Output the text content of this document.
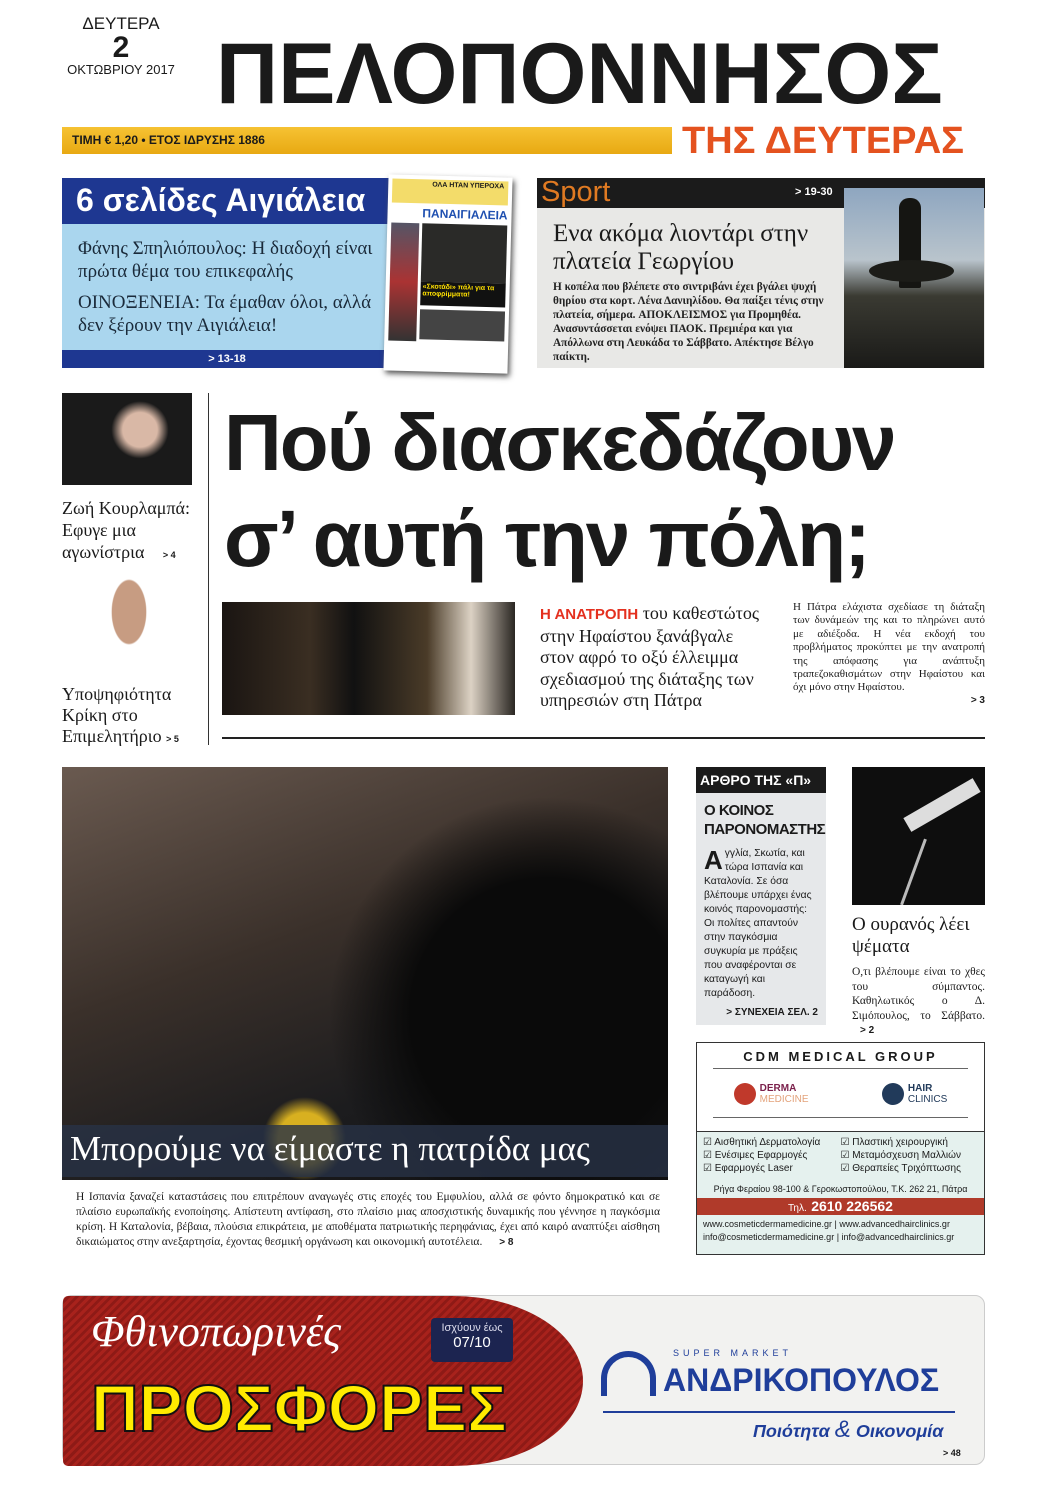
ΔΕΥΤΕΡΑ
2
ΟΚΤΩΒΡΙΟΥ 2017 ΠΕΛΟΠΟΝΝΗΣΟΣ
ΤΙΜΗ € 1,20 • ΕΤΟΣ ΙΔΡΥΣΗΣ 1886	ΤΗΣ ΔΕΥΤΕΡΑΣ
6 σελίδες Αιγιάλεια
Φάνης Σπηλιόπουλος: Η διαδοχή είναι πρώτα θέμα του επικεφαλής
ΟΙΝΟΞΕΝΕΙΑ: Τα έμαθαν όλοι, αλλά δεν ξέρουν την Αιγιάλεια!
> 13-18
ΟΛΑ ΗΤΑΝ ΥΠΕΡΟΧΑ
ΠΑΝΑΙΓΙΑΛΕΙΑ
«Σκοτάδι» πάλι για τα αποφρίμματα!
Sport	> 19-30
Ενα ακόμα λιοντάρι στην πλατεία Γεωργίου
Η κοπέλα που βλέπετε στο σιντριβάνι έχει βγάλει ψυχή θηρίου στα κορτ. Λένα Δανιηλίδου. Θα παίξει τένις στην πλατεία, σήμερα. ΑΠΟΚΛΕΙΣΜΟΣ για Προμηθέα. Ανασυντάσσεται ενόψει ΠΑΟΚ. Πρεμιέρα και για Απόλλωνα στη Λευκάδα το Σάββατο. Απέκτησε Βέλγο παίκτη.
Ζωή Κουρλαμπά: Εφυγε μια αγωνίστρια > 4
Υποψηφιότητα Κρίκη στο Επιμελητήριο > 5
Πού διασκεδάζουν
σ’ αυτή την πόλη;
Η ΑΝΑΤΡΟΠΗ του καθεστώτος στην Ηφαίστου ξανάβγαλε στον αφρό το οξύ έλλειμμα σχεδιασμού της διάταξης των υπηρεσιών στη Πάτρα
Η Πάτρα ελάχιστα σχεδίασε τη διάταξη των δυνάμεών της και το πληρώνει αυτό με αδιέξοδα. Η νέα εκδοχή του προβλήματος προκύπτει με την ανατροπή της απόφασης για ανάπτυξη τραπεζοκαθισμάτων στην Ηφαίστου και όχι μόνο στην Ηφαίστου.
> 3
Μπορούμε να είμαστε η πατρίδα μας
Η Ισπανία ξαναζεί καταστάσεις που επιτρέπουν αναγωγές στις εποχές του Εμφυλίου, αλλά σε φόντο δημοκρατικό και σε πλαίσιο ευρωπαϊκής ενοποίησης. Απίστευτη αντίφαση, στο πλαίσιο μιας αποσχιστικής δυναμικής που γέννησε η παγκόσμια κρίση. Η Καταλονία, βέβαια, πλούσια επικράτεια, με αποθέματα πατριωτικής περηφάνιας, έχει από καιρό αναπτύξει αίσθηση δικαιώματος στην ανεξαρτησία, έχοντας θεσμική οργάνωση και οικονομική αυτοτέλεια. > 8
ΑΡΘΡΟ ΤΗΣ «Π»
Ο ΚΟΙΝΟΣ ΠΑΡΟΝΟΜΑΣΤΗΣ
Α γγλία, Σκωτία, και τώρα Ισπανία και Καταλονία. Σε όσα βλέπουμε υπάρχει ένας κοινός παρονομαστής: Οι πολίτες απαντούν στην παγκόσμια συγκυρία με πράξεις που αναφέρονται σε καταγωγή και παράδοση.
> ΣΥΝΕΧΕΙΑ ΣΕΛ. 2
Ο ουρανός λέει ψέματα
Ο,τι βλέπουμε είναι το χθες του σύμπαντος. Καθηλωτικός ο Δ. Σιμόπουλος, το Σάββατο. > 2
CDM MEDICAL GROUP
DERMA
MEDICINE
HAIR
CLINICS
☑ Αισθητική Δερματολογία	☑ Πλαστική χειρουργική
☑ Ενέσιμες Εφαρμογές	☑ Μεταμόσχευση Μαλλιών
☑ Εφαρμογές Laser	☑ Θεραπείες Τριχόπτωσης
Ρήγα Φεραίου 98-100 & Γεροκωστοπούλου, Τ.Κ. 262 21, Πάτρα
Τηλ. 2610 226562
www.cosmeticdermamedicine.gr | www.advancedhairclinics.gr
info@cosmeticdermamedicine.gr | info@advancedhairclinics.gr
Φθινοπωρινές
ΠΡΟΣΦΟΡΕΣ
Ισχύουν έως
07/10
SUPER MARKET
ΑΝΔΡΙΚΟΠΟΥΛΟΣ
Ποιότητα & Οικονομία
> 48
